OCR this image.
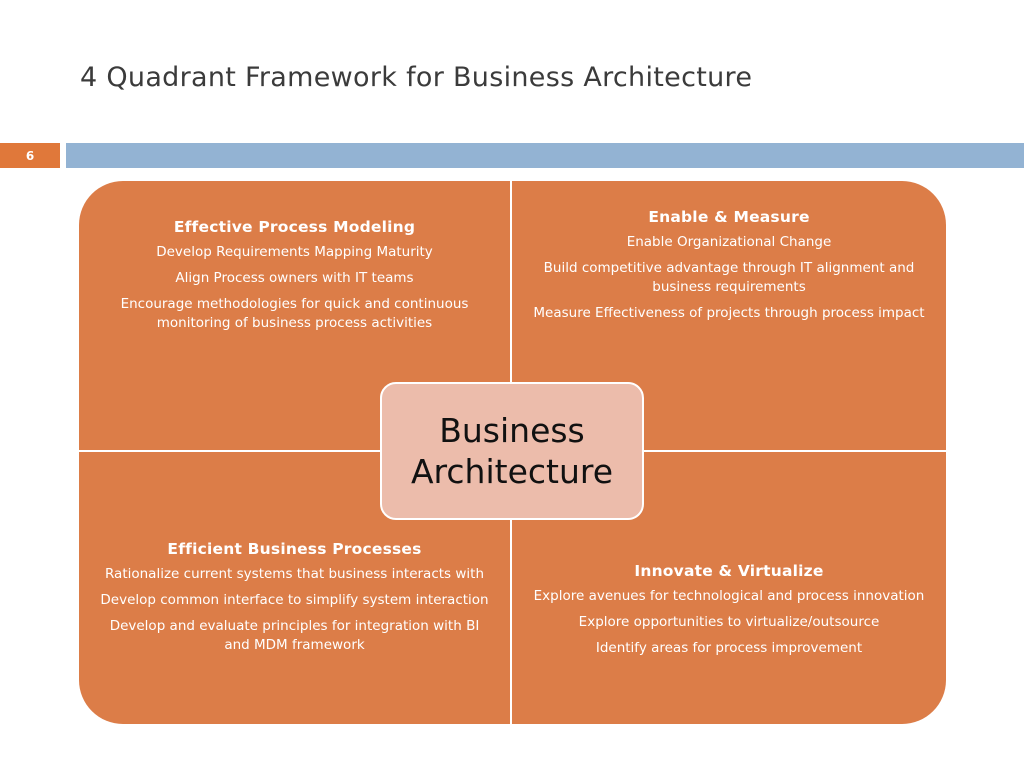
4 Quadrant Framework for Business Architecture
6
Effective Process Modeling
Develop Requirements Mapping Maturity
Align Process owners with IT teams
Encourage methodologies for quick and continuous monitoring of business process activities
Enable & Measure
Enable Organizational Change
Build competitive advantage through IT alignment and business requirements
Measure Effectiveness of projects through process impact
Efficient Business Processes
Rationalize current systems that business interacts with
Develop common interface to simplify system interaction
Develop and evaluate principles for integration with BI and MDM framework
Innovate & Virtualize
Explore avenues for technological and process innovation
Explore opportunities to virtualize/outsource
Identify areas for process improvement
Business
Architecture
